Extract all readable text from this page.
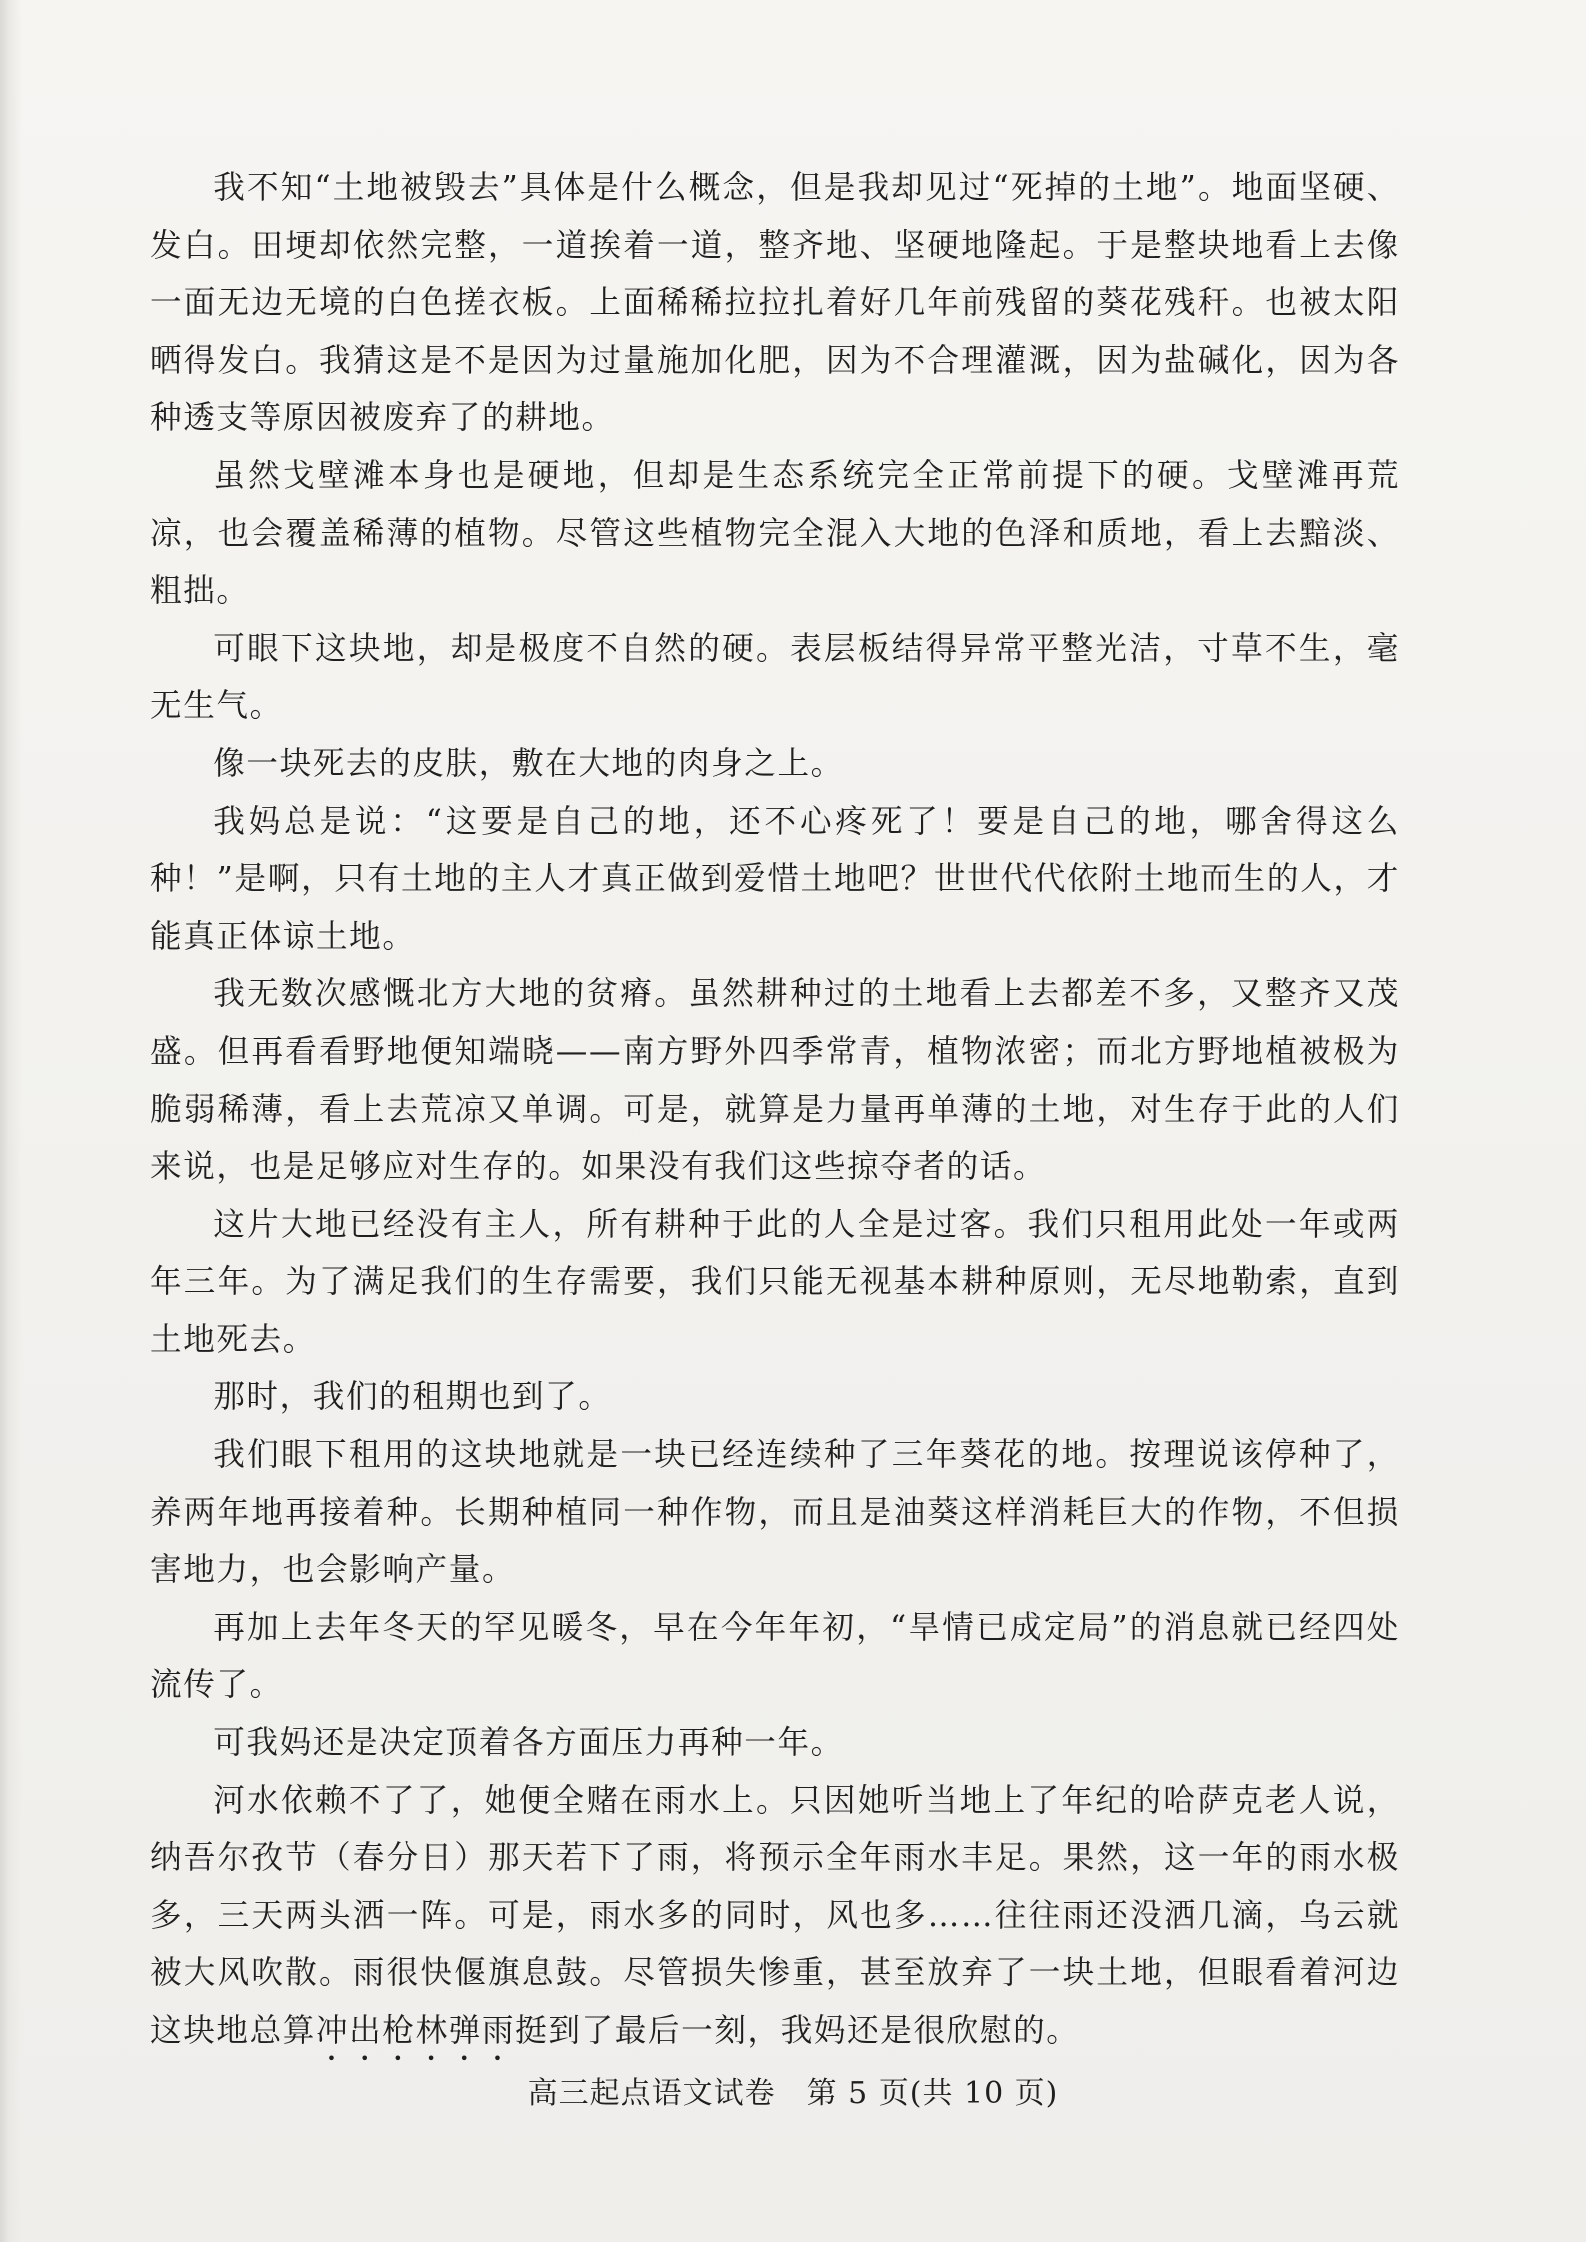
我不知“土地被毁去”具体是什么概念，但是我却见过“死掉的土地”。地面坚硬、发白。田埂却依然完整，一道挨着一道，整齐地、坚硬地隆起。于是整块地看上去像一面无边无境的白色搓衣板。上面稀稀拉拉扎着好几年前残留的葵花残秆。也被太阳晒得发白。我猜这是不是因为过量施加化肥，因为不合理灌溉，因为盐碱化，因为各种透支等原因被废弃了的耕地。

虽然戈壁滩本身也是硬地，但却是生态系统完全正常前提下的硬。戈壁滩再荒凉，也会覆盖稀薄的植物。尽管这些植物完全混入大地的色泽和质地，看上去黯淡、粗拙。

可眼下这块地，却是极度不自然的硬。表层板结得异常平整光洁，寸草不生，毫无生气。

像一块死去的皮肤，敷在大地的肉身之上。

我妈总是说：“这要是自己的地，还不心疼死了！要是自己的地，哪舍得这么种！”是啊，只有土地的主人才真正做到爱惜土地吧？世世代代依附土地而生的人，才能真正体谅土地。

我无数次感慨北方大地的贫瘠。虽然耕种过的土地看上去都差不多，又整齐又茂盛。但再看看野地便知端晓——南方野外四季常青，植物浓密；而北方野地植被极为脆弱稀薄，看上去荒凉又单调。可是，就算是力量再单薄的土地，对生存于此的人们来说，也是足够应对生存的。如果没有我们这些掠夺者的话。

这片大地已经没有主人，所有耕种于此的人全是过客。我们只租用此处一年或两年三年。为了满足我们的生存需要，我们只能无视基本耕种原则，无尽地勒索，直到土地死去。

那时，我们的租期也到了。

我们眼下租用的这块地就是一块已经连续种了三年葵花的地。按理说该停种了，养两年地再接着种。长期种植同一种作物，而且是油葵这样消耗巨大的作物，不但损害地力，也会影响产量。

再加上去年冬天的罕见暖冬，早在今年年初，“旱情已成定局”的消息就已经四处流传了。

可我妈还是决定顶着各方面压力再种一年。

河水依赖不了了，她便全赌在雨水上。只因她听当地上了年纪的哈萨克老人说，纳吾尔孜节（春分日）那天若下了雨，将预示全年雨水丰足。果然，这一年的雨水极多，三天两头洒一阵。可是，雨水多的同时，风也多……往往雨还没洒几滴，乌云就被大风吹散。雨很快偃旗息鼓。尽管损失惨重，甚至放弃了一块土地，但眼看着河边这块地总算冲出枪林弹雨挺到了最后一刻，我妈还是很欣慰的。

高三起点语文试卷　第 5 页(共 10 页)
